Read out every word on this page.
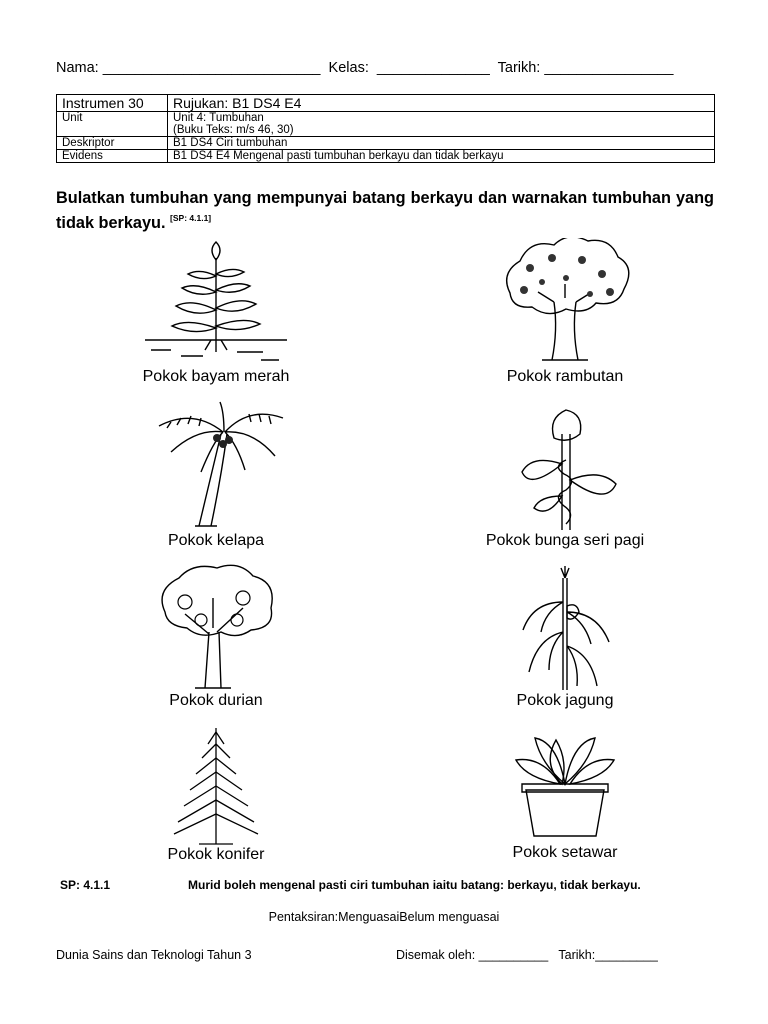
Nama: ___________________________ Kelas: ______________ Tarikh: ________________
Instrumen 30	Rujukan: B1 DS4 E4
Unit	Unit 4: Tumbuhan
(Buku Teks: m/s 46, 30)

Deskriptor	B1 DS4 Ciri tumbuhan
Evidens	B1 DS4 E4 Mengenal pasti tumbuhan berkayu dan tidak berkayu
Bulatkan tumbuhan yang mempunyai batang berkayu dan warnakan tumbuhan yang tidak berkayu. [SP: 4.1.1]
Pokok bayam merah	Pokok rambutan
Pokok kelapa	Pokok bunga seri pagi
Pokok durian	Pokok jagung
Pokok konifer	Pokok setawar
SP: 4.1.1	Murid boleh mengenal pasti ciri tumbuhan iaitu batang: berkayu, tidak berkayu.
Pentaksiran:MenguasaiBelum menguasai
Dunia Sains dan Teknologi Tahun 3	Disemak oleh: __________ Tarikh:_________
